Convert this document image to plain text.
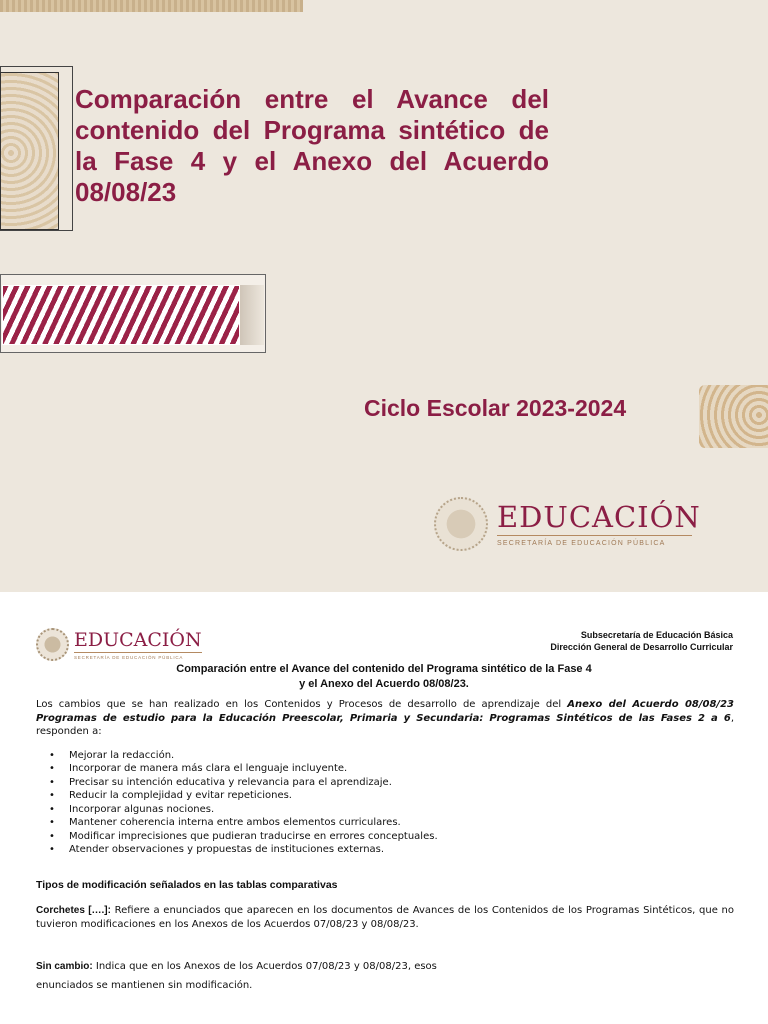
Comparación entre el Avance del contenido del Programa sintético de la Fase 4 y el Anexo del Acuerdo 08/08/23
Ciclo Escolar 2023-2024
EDUCACIÓN
SECRETARÍA DE EDUCACIÓN PÚBLICA
EDUCACIÓN
SECRETARÍA DE EDUCACIÓN PÚBLICA
Subsecretaría de Educación Básica
Dirección General de Desarrollo Curricular
Comparación entre el Avance del contenido del Programa sintético de la Fase 4
y el Anexo del Acuerdo 08/08/23.

Los cambios que se han realizado en los Contenidos y Procesos de desarrollo de aprendizaje del Anexo del Acuerdo 08/08/23 Programas de estudio para la Educación Preescolar, Primaria y Secundaria: Programas Sintéticos de las Fases 2 a 6, responden a:

• Mejorar la redacción.
• Incorporar de manera más clara el lenguaje incluyente.
• Precisar su intención educativa y relevancia para el aprendizaje.
• Reducir la complejidad y evitar repeticiones.
• Incorporar algunas nociones.
• Mantener coherencia interna entre ambos elementos curriculares.
• Modificar imprecisiones que pudieran traducirse en errores conceptuales.
• Atender observaciones y propuestas de instituciones externas.
Tipos de modificación señalados en las tablas comparativas

Corchetes [….]: Refiere a enunciados que aparecen en los documentos de Avances de los Contenidos de los Programas Sintéticos, que no tuvieron modificaciones en los Anexos de los Acuerdos 07/08/23 y 08/08/23.

Sin cambio: Indica que en los Anexos de los Acuerdos 07/08/23 y 08/08/23, esos
enunciados se mantienen sin modificación.
